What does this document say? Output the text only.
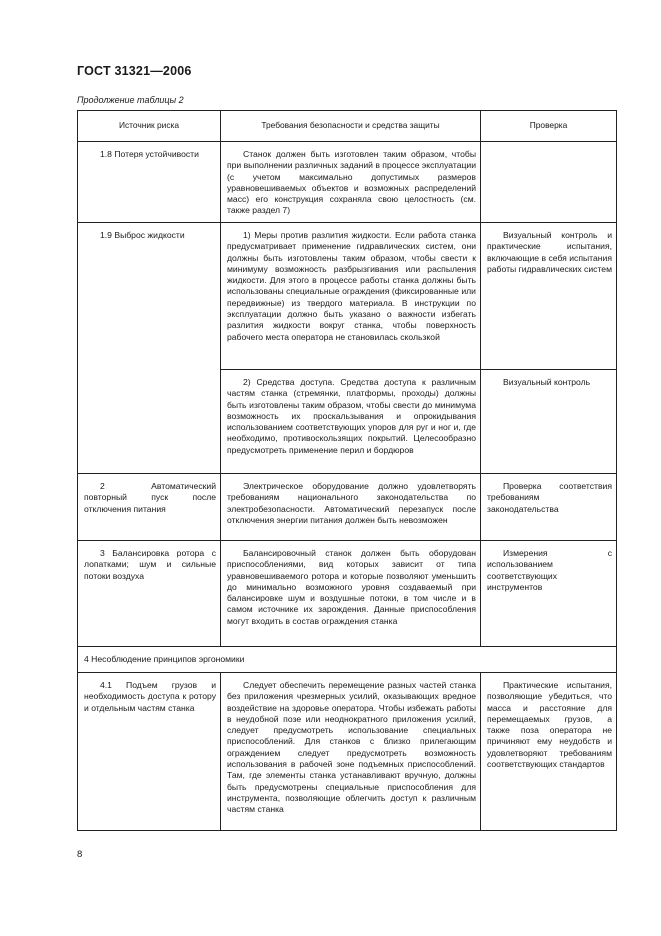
ГОСТ 31321—2006
Продолжение таблицы 2
Источник риска	Требования безопасности и средства защиты	Проверка
1.8 Потеря устойчивости	Станок должен быть изготовлен таким образом, чтобы при выполнении различных заданий в процессе эксплуатации (с учетом максимально допустимых размеров уравновешиваемых объектов и возможных распределений масс) его конструкция сохраняла свою целостность (см. также раздел 7)	
1.9 Выброс жидкости	1) Меры против разлития жидкости. Если работа станка предусматривает применение гидравлических систем, они должны быть изготовлены таким образом, чтобы свести к минимуму возможность разбрызгивания или распыления жидкости. Для этого в процессе работы станка должны быть использованы специальные ограждения (фиксированные или передвижные) из твердого материала. В инструкции по эксплуатации должно быть указано о важности избегать разлития жидкости вокруг станка, чтобы поверхность рабочего места оператора не становилась скользкой	Визуальный контроль и практические испытания, включающие в себя испытания работы гидравлических систем
	2) Средства доступа. Средства доступа к различным частям станка (стремянки, платформы, проходы) должны быть изготовлены таким образом, чтобы свести до минимума возможность их проскальзывания и опрокидывания использованием соответствующих упоров для руг и ног и, где необходимо, противоскользящих покрытий. Целесообразно предусмотреть применение перил и бордюров	Визуальный контроль
2 Автоматический повторный пуск после отключения питания	Электрическое оборудование должно удовлетворять требованиям национального законодательства по электробезопасности. Автоматический перезапуск после отключения энергии питания должен быть невозможен	Проверка соответствия требованиям законодательства
3 Балансировка ротора с лопатками; шум и сильные потоки воздуха	Балансировочный станок должен быть оборудован приспособлениями, вид которых зависит от типа уравновешиваемого ротора и которые позволяют уменьшить до минимально возможного уровня создаваемый при балансировке шум и воздушные потоки, в том числе и в самом источнике их зарождения. Данные приспособления могут входить в состав ограждения станка	Измерения с использованием соответствующих инструментов
4 Несоблюдение принципов эргономики		
4.1 Подъем грузов и необходимость доступа к ротору и отдельным частям станка	Следует обеспечить перемещение разных частей станка без приложения чрезмерных усилий, оказывающих вредное воздействие на здоровье оператора. Чтобы избежать работы в неудобной позе или неоднократного приложения усилий, следует предусмотреть использование специальных приспособлений. Для станков с близко прилегающим ограждением следует предусмотреть возможность использования в рабочей зоне подъемных приспособлений. Там, где элементы станка устанавливают вручную, должны быть предусмотрены специальные приспособления для инструмента, позволяющие облегчить доступ к различным частям станка	Практические испытания, позволяющие убедиться, что масса и расстояние для перемещаемых грузов, а также поза оператора не причиняют ему неудобств и удовлетворяют требованиям соответствующих стандартов
8
